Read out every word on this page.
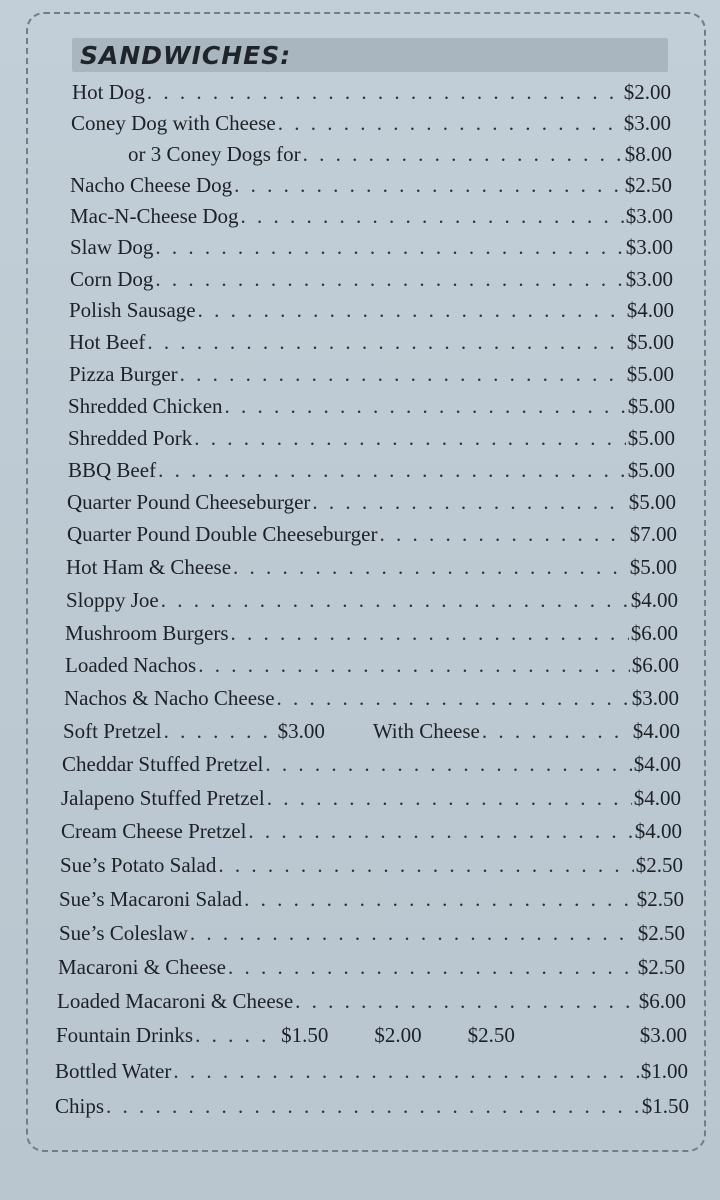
SANDWICHES:
Hot Dog . . .	$2.00
Coney Dog with Cheese . . .	$3.00
or 3 Coney Dogs for . . .	$8.00
Nacho Cheese Dog . . .	$2.50
Mac-N-Cheese Dog . . .	$3.00
Slaw Dog . . .	$3.00
Corn Dog . . .	$3.00
Polish Sausage . . .	$4.00
Hot Beef . . .	$5.00
Pizza Burger . . .	$5.00
Shredded Chicken . . .	$5.00
Shredded Pork . . .	$5.00
BBQ Beef . . .	$5.00
Quarter Pound Cheeseburger . . .	$5.00
Quarter Pound Double Cheeseburger . . .	$7.00
Hot Ham & Cheese . . .	$5.00
Sloppy Joe . . .	$4.00
Mushroom Burgers . . .	$6.00
Loaded Nachos . . .	$6.00
Nachos & Nacho Cheese . . .	$3.00
Soft Pretzel . . .	$3.00 With Cheese . . .	$4.00
Cheddar Stuffed Pretzel . . .	$4.00
Jalapeno Stuffed Pretzel . . .	$4.00
Cream Cheese Pretzel . . .	$4.00
Sue’s Potato Salad . . .	$2.50
Sue’s Macaroni Salad . . .	$2.50
Sue’s Coleslaw . . .	$2.50
Macaroni & Cheese . . .	$2.50
Loaded Macaroni & Cheese . . .	$6.00
Fountain Drinks . . .	$1.50 $2.00 $2.50	$3.00
Bottled Water . . .	$1.00
Chips . . .	$1.50
